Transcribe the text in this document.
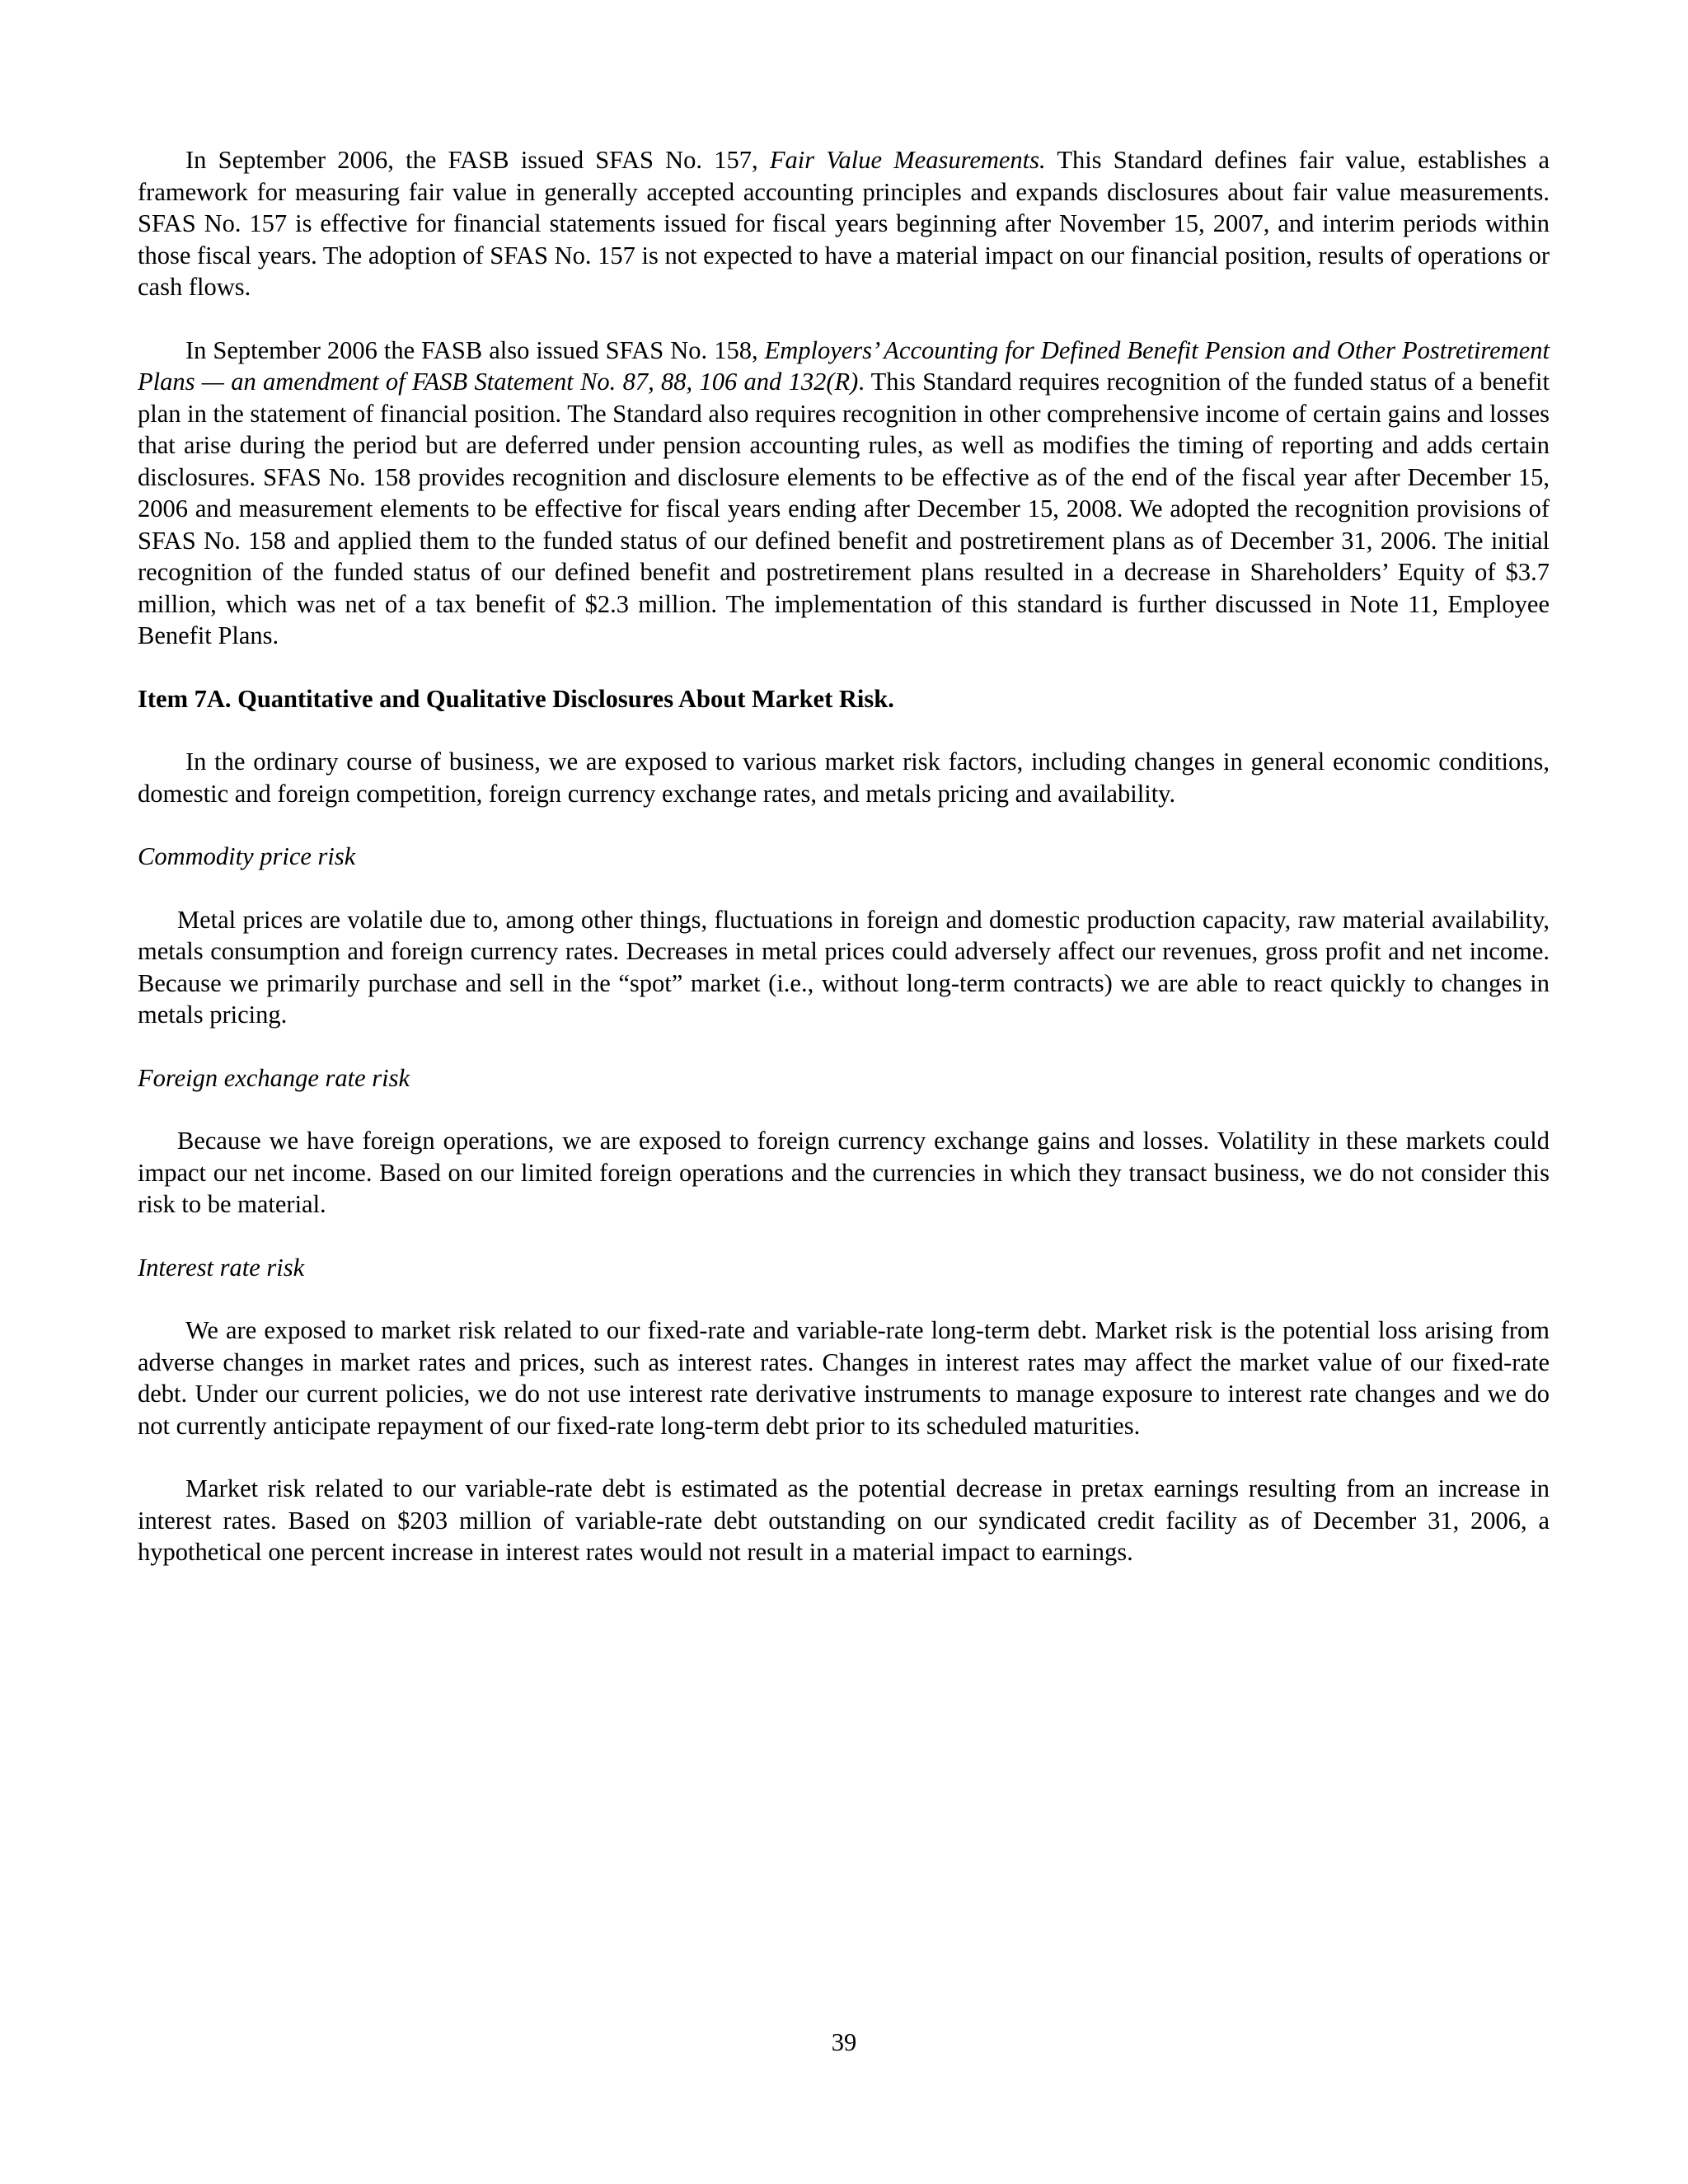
In September 2006, the FASB issued SFAS No. 157, Fair Value Measurements. This Standard defines fair value, establishes a framework for measuring fair value in generally accepted accounting principles and expands disclosures about fair value measurements. SFAS No. 157 is effective for financial statements issued for fiscal years beginning after November 15, 2007, and interim periods within those fiscal years. The adoption of SFAS No. 157 is not expected to have a material impact on our financial position, results of operations or cash flows.

In September 2006 the FASB also issued SFAS No. 158, Employers’ Accounting for Defined Benefit Pension and Other Postretirement Plans — an amendment of FASB Statement No. 87, 88, 106 and 132(R). This Standard requires recognition of the funded status of a benefit plan in the statement of financial position. The Standard also requires recognition in other comprehensive income of certain gains and losses that arise during the period but are deferred under pension accounting rules, as well as modifies the timing of reporting and adds certain disclosures. SFAS No. 158 provides recognition and disclosure elements to be effective as of the end of the fiscal year after December 15, 2006 and measurement elements to be effective for fiscal years ending after December 15, 2008. We adopted the recognition provisions of SFAS No. 158 and applied them to the funded status of our defined benefit and postretirement plans as of December 31, 2006. The initial recognition of the funded status of our defined benefit and postretirement plans resulted in a decrease in Shareholders’ Equity of $3.7 million, which was net of a tax benefit of $2.3 million. The implementation of this standard is further discussed in Note 11, Employee Benefit Plans.

Item 7A. Quantitative and Qualitative Disclosures About Market Risk.

In the ordinary course of business, we are exposed to various market risk factors, including changes in general economic conditions, domestic and foreign competition, foreign currency exchange rates, and metals pricing and availability.

Commodity price risk

Metal prices are volatile due to, among other things, fluctuations in foreign and domestic production capacity, raw material availability, metals consumption and foreign currency rates. Decreases in metal prices could adversely affect our revenues, gross profit and net income. Because we primarily purchase and sell in the “spot” market (i.e., without long-term contracts) we are able to react quickly to changes in metals pricing.

Foreign exchange rate risk

Because we have foreign operations, we are exposed to foreign currency exchange gains and losses. Volatility in these markets could impact our net income. Based on our limited foreign operations and the currencies in which they transact business, we do not consider this risk to be material.

Interest rate risk

We are exposed to market risk related to our fixed-rate and variable-rate long-term debt. Market risk is the potential loss arising from adverse changes in market rates and prices, such as interest rates. Changes in interest rates may affect the market value of our fixed-rate debt. Under our current policies, we do not use interest rate derivative instruments to manage exposure to interest rate changes and we do not currently anticipate repayment of our fixed-rate long-term debt prior to its scheduled maturities.

Market risk related to our variable-rate debt is estimated as the potential decrease in pretax earnings resulting from an increase in interest rates. Based on $203 million of variable-rate debt outstanding on our syndicated credit facility as of December 31, 2006, a hypothetical one percent increase in interest rates would not result in a material impact to earnings.

39
